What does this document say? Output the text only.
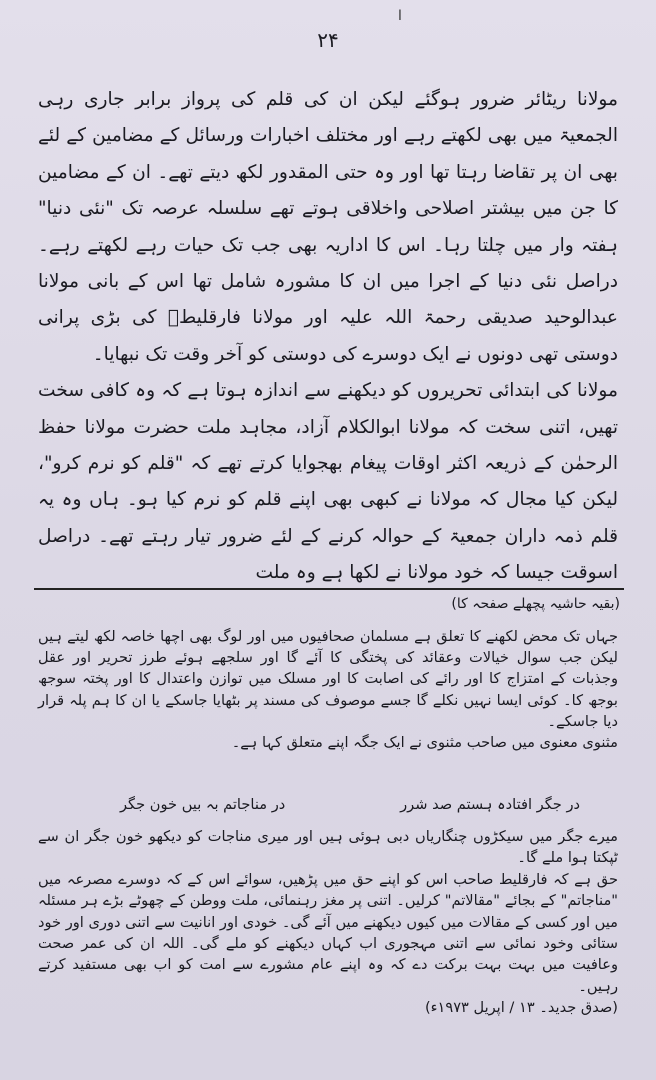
ا
۲۴

مولانا ریٹائر ضرور ہوگئے لیکن ان کی قلم کی پرواز برابر جاری رہی الجمعیۃ میں بھی لکھتے رہے اور مختلف اخبارات ورسائل کے مضامین کے لئے بھی ان پر تقاضا رہتا تھا اور وہ حتی المقدور لکھ دیتے تھے۔ ان کے مضامین کا جن میں بیشتر اصلاحی واخلاقی ہوتے تھے سلسلہ عرصہ تک "نئی دنیا" ہفتہ وار میں چلتا رہا۔ اس کا اداریہ بھی جب تک حیات رہے لکھتے رہے۔ دراصل نئی دنیا کے اجرا میں ان کا مشورہ شامل تھا اس کے بانی مولانا عبدالوحید صدیقی رحمۃ اللہ علیہ اور مولانا فارقلیطؒ کی بڑی پرانی دوستی تھی دونوں نے ایک دوسرے کی دوستی کو آخر وقت تک نبھایا۔

مولانا کی ابتدائی تحریروں کو دیکھنے سے اندازہ ہوتا ہے کہ وہ کافی سخت تھیں، اتنی سخت کہ مولانا ابوالکلام آزاد، مجاہد ملت حضرت مولانا حفظ الرحمٰن کے ذریعہ اکثر اوقات پیغام بھجوایا کرتے تھے کہ "قلم کو نرم کرو"، لیکن کیا مجال کہ مولانا نے کبھی بھی اپنے قلم کو نرم کیا ہو۔ ہاں وہ یہ قلم ذمہ داران جمعیۃ کے حوالہ کرنے کے لئے ضرور تیار رہتے تھے۔ دراصل اسوقت جیسا کہ خود مولانا نے لکھا ہے وہ ملت

(بقیہ حاشیہ پچھلے صفحہ کا)

جہاں تک محض لکھنے کا تعلق ہے مسلمان صحافیوں میں اور لوگ بھی اچھا خاصہ لکھ لیتے ہیں لیکن جب سوال خیالات وعقائد کی پختگی کا آئے گا اور سلجھے ہوئے طرز تحریر اور عقل وجذبات کے امتزاج کا اور رائے کی اصابت کا اور مسلک میں توازن واعتدال کا اور پختہ سوجھ بوجھ کا۔ کوئی ایسا نہیں نکلے گا جسے موصوف کی مسند پر بٹھایا جاسکے یا ان کا ہم پلہ قرار دیا جاسکے۔

مثنوی معنوی میں صاحب مثنوی نے ایک جگہ اپنے متعلق کہا ہے۔

در جگر افتادہ ہستم صد شرر
در مناجاتم بہ بیں خون جگر

میرے جگر میں سیکڑوں چنگاریاں دبی ہوئی ہیں اور میری مناجات کو دیکھو خون جگر ان سے ٹپکتا ہوا ملے گا۔

حق ہے کہ فارقلیط صاحب اس کو اپنے حق میں پڑھیں، سوائے اس کے کہ دوسرے مصرعہ میں "مناجاتم" کے بجائے "مقالاتم" کرلیں۔ اتنی پر مغز رہنمائی، ملت ووطن کے چھوٹے بڑے ہر مسئلہ میں اور کسی کے مقالات میں کیوں دیکھنے میں آئے گی۔ خودی اور انانیت سے اتنی دوری اور خود ستائی وخود نمائی سے اتنی مہجوری اب کہاں دیکھنے کو ملے گی۔ اللہ ان کی عمر صحت وعافیت میں بہت بہت برکت دے کہ وہ اپنے عام مشورے سے امت کو اب بھی مستفید کرتے رہیں۔

(صدق جدید۔ ۱۳ / اپریل ۱۹۷۳ء)
